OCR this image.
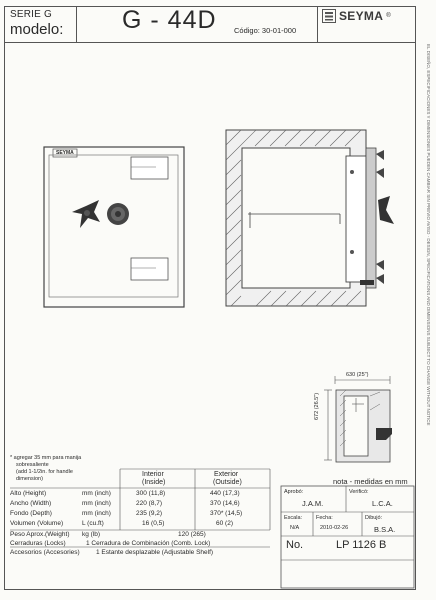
SERIE G
modelo: G - 44D Código: 30-01-000
SEYMA ®
SEYMA
630 (25")
672 (26.5")
nota - medidas en mm
* agregar 35 mm para manija
sobresaliente
(add 1-1/2in. for handle
dimension)
Interior
(Inside)
Exterior
(Outside)
Alto (Height)	mm (inch)	300 (11,8)	440 (17,3)
Ancho (Width)	mm (inch)	220 (8,7)	370 (14,6)
Fondo (Depth)	mm (inch)	235 (9,2)	370* (14,5)
Volumen (Volume)	L (cu.ft)	16 (0,5)	60 (2)
Peso Aprox.(Weight) kg (lb)	120 (265)
Cerraduras (Locks)	1 Cerradura de Combinación (Comb. Lock)
Accesorios (Accesories)	1 Estante desplazable (Adjustable Shelf)
Aprobó:
J.A.M.
Verificó:
L.C.A.
Escala:
N/A
Fecha:
2010-02-26
Dibujó:
B.S.A.
No.	LP 1126 B
EL DISEÑO, ESPECIFICACIONES Y DIMENSIONES PUEDEN CAMBIAR SIN PREVIO AVISO · DESIGN, SPECIFICATIONS AND DIMENSIONS SUBJECT TO CHANGE WITHOUT NOTICE
